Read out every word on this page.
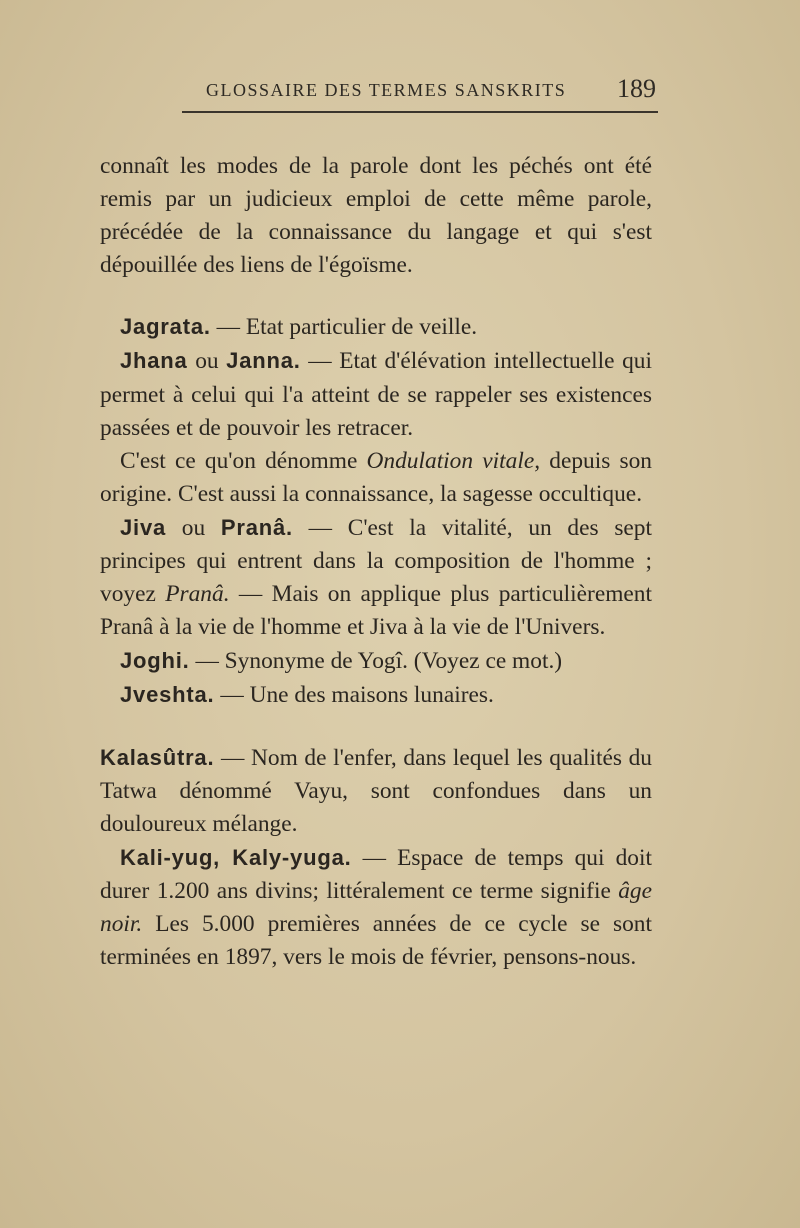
GLOSSAIRE DES TERMES SANSKRITS 189

connaît les modes de la parole dont les péchés ont été remis par un judicieux emploi de cette même parole, précédée de la connaissance du langage et qui s'est dépouillée des liens de l'égoïsme.

Jagrata. — Etat particulier de veille.

Jhana ou Janna. — Etat d'élévation intellectuelle qui permet à celui qui l'a atteint de se rappeler ses existences passées et de pouvoir les retracer.

C'est ce qu'on dénomme Ondulation vitale, depuis son origine. C'est aussi la connaissance, la sagesse occultique.

Jiva ou Pranâ. — C'est la vitalité, un des sept principes qui entrent dans la composition de l'homme ; voyez Pranâ. — Mais on applique plus particulièrement Pranâ à la vie de l'homme et Jiva à la vie de l'Univers.

Joghi. — Synonyme de Yogî. (Voyez ce mot.)

Jveshta. — Une des maisons lunaires.

Kalasûtra. — Nom de l'enfer, dans lequel les qualités du Tatwa dénommé Vayu, sont confondues dans un douloureux mélange.

Kali-yug, Kaly-yuga. — Espace de temps qui doit durer 1.200 ans divins; littéralement ce terme signifie âge noir. Les 5.000 premières années de ce cycle se sont terminées en 1897, vers le mois de février, pensons-nous.
